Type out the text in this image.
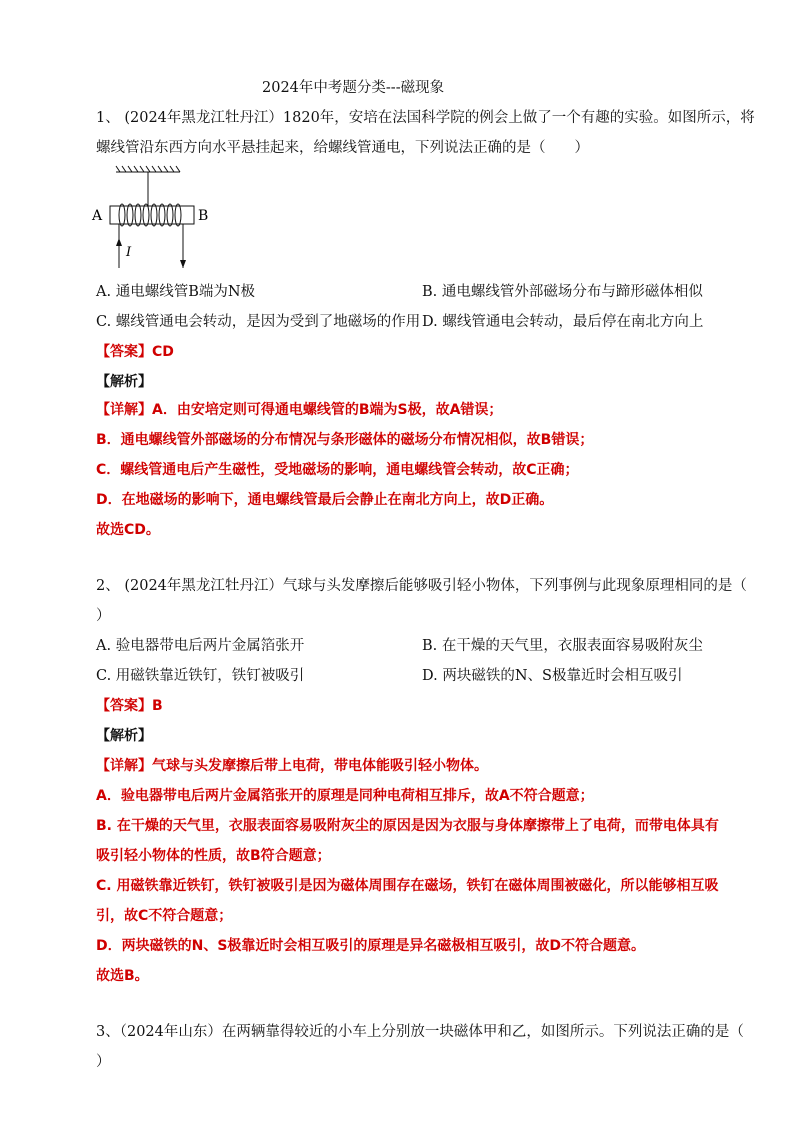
2024年中考题分类---磁现象
1、 (2024年黑龙江牡丹江）1820年，安培在法国科学院的例会上做了一个有趣的实验。如图所示，将
螺线管沿东西方向水平悬挂起来，给螺线管通电，下列说法正确的是（　　）
A	B
I
A. 通电螺线管B端为N极	B. 通电螺线管外部磁场分布与蹄形磁体相似
C. 螺线管通电会转动，是因为受到了地磁场的作用 D. 螺线管通电会转动，最后停在南北方向上
【答案】CD
【解析】
【详解】A．由安培定则可得通电螺线管的B端为S极，故A错误；
B．通电螺线管外部磁场的分布情况与条形磁体的磁场分布情况相似，故B错误；
C．螺线管通电后产生磁性，受地磁场的影响，通电螺线管会转动，故C正确；
D．在地磁场的影响下，通电螺线管最后会静止在南北方向上，故D正确。
故选CD。
2、 (2024年黑龙江牡丹江）气球与头发摩擦后能够吸引轻小物体，下列事例与此现象原理相同的是（
）
A. 验电器带电后两片金属箔张开	B. 在干燥的天气里，衣服表面容易吸附灰尘
C. 用磁铁靠近铁钉，铁钉被吸引	D. 两块磁铁的N、S极靠近时会相互吸引
【答案】B
【解析】
【详解】气球与头发摩擦后带上电荷，带电体能吸引轻小物体。
A．验电器带电后两片金属箔张开的原理是同种电荷相互排斥，故A不符合题意；
B. 在干燥的天气里，衣服表面容易吸附灰尘的原因是因为衣服与身体摩擦带上了电荷，而带电体具有
吸引轻小物体的性质，故B符合题意；
C. 用磁铁靠近铁钉，铁钉被吸引是因为磁体周围存在磁场，铁钉在磁体周围被磁化，所以能够相互吸
引，故C不符合题意；
D．两块磁铁的N、S极靠近时会相互吸引的原理是异名磁极相互吸引，故D不符合题意。
故选B。
3、（2024年山东）在两辆靠得较近的小车上分别放一块磁体甲和乙，如图所示。下列说法正确的是（
）
